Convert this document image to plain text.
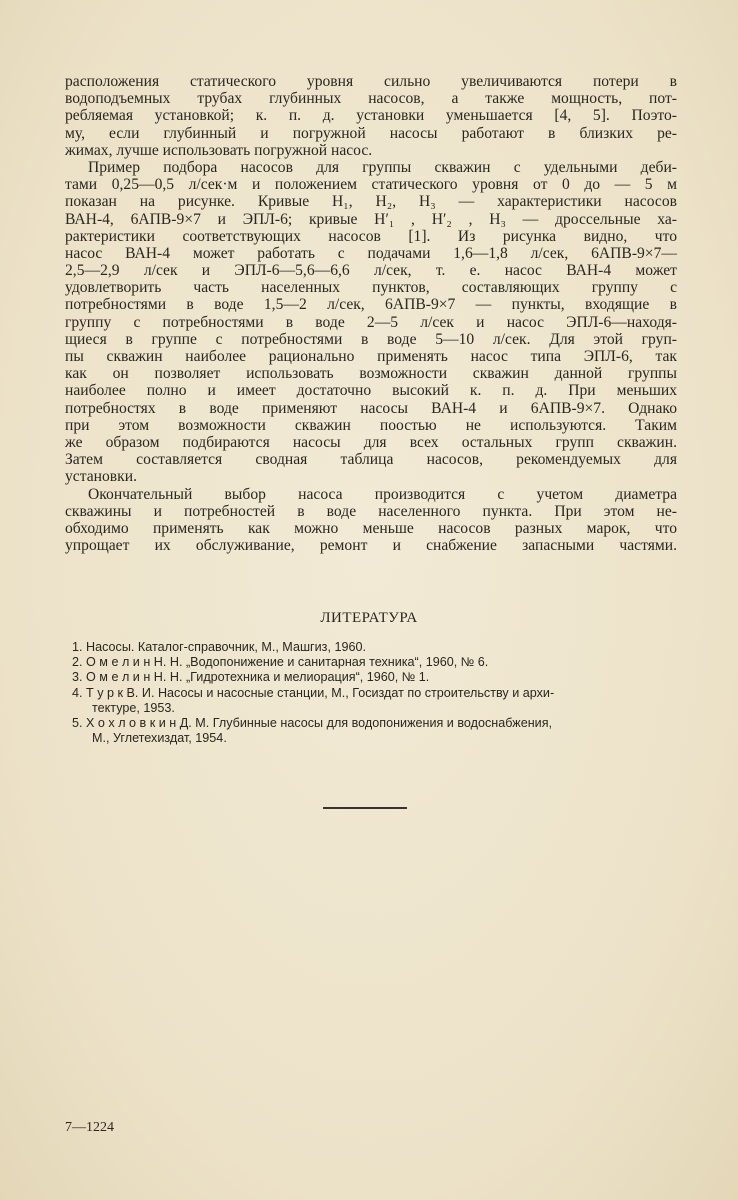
расположения статического уровня сильно увеличиваются потери в
водоподъемных трубах глубинных насосов, а также мощность, пот-
ребляемая установкой; к. п. д. установки уменьшается [4, 5]. Поэто-
му, если глубинный и погружной насосы работают в близких ре-
жимах, лучше использовать погружной насос.
Пример подбора насосов для группы скважин с удельными деби-
тами 0,25—0,5 л/сек·м и положением статического уровня от 0 до — 5 м
показан на рисунке. Кривые H₁, H₂, H₃ — характеристики насосов
ВАН-4, 6АПВ-9×7 и ЭПЛ-6; кривые H′₁ , H′₂ , H₃ — дроссельные ха-
рактеристики соответствующих насосов [1]. Из рисунка видно, что
насос ВАН-4 может работать с подачами 1,6—1,8 л/сек, 6АПВ-9×7—
2,5—2,9 л/сек и ЭПЛ-6—5,6—6,6 л/сек, т. е. насос ВАН-4 может
удовлетворить часть населенных пунктов, составляющих группу с
потребностями в воде 1,5—2 л/сек, 6АПВ-9×7 — пункты, входящие в
группу с потребностями в воде 2—5 л/сек и насос ЭПЛ-6—находя-
щиеся в группе с потребностями в воде 5—10 л/сек. Для этой груп-
пы скважин наиболее рационально применять насос типа ЭПЛ-6, так
как он позволяет использовать возможности скважин данной группы
наиболее полно и имеет достаточно высокий к. п. д. При меньших
потребностях в воде применяют насосы ВАН-4 и 6АПВ-9×7. Однако
при этом возможности скважин поостью не используются. Таким
же образом подбираются насосы для всех остальных групп скважин.
Затем составляется сводная таблица насосов, рекомендуемых для
установки.
Окончательный выбор насоса производится с учетом диаметра
скважины и потребностей в воде населенного пункта. При этом не-
обходимо применять как можно меньше насосов разных марок, что
упрощает их обслуживание, ремонт и снабжение запасными частями.
ЛИТЕРАТУРА
1. Насосы. Каталог-справочник, М., Машгиз, 1960.
2. О м е л и н Н. Н. „Водопонижение и санитарная техника“, 1960, № 6.
3. О м е л и н Н. Н. „Гидротехника и мелиорация“, 1960, № 1.
4. Т у р к В. И. Насосы и насосные станции, М., Госиздат по строительству и архи-
тектуре, 1953.
5. Х о х л о в к и н Д. М. Глубинные насосы для водопонижения и водоснабжения,
М., Углетехиздат, 1954.
7—1224
